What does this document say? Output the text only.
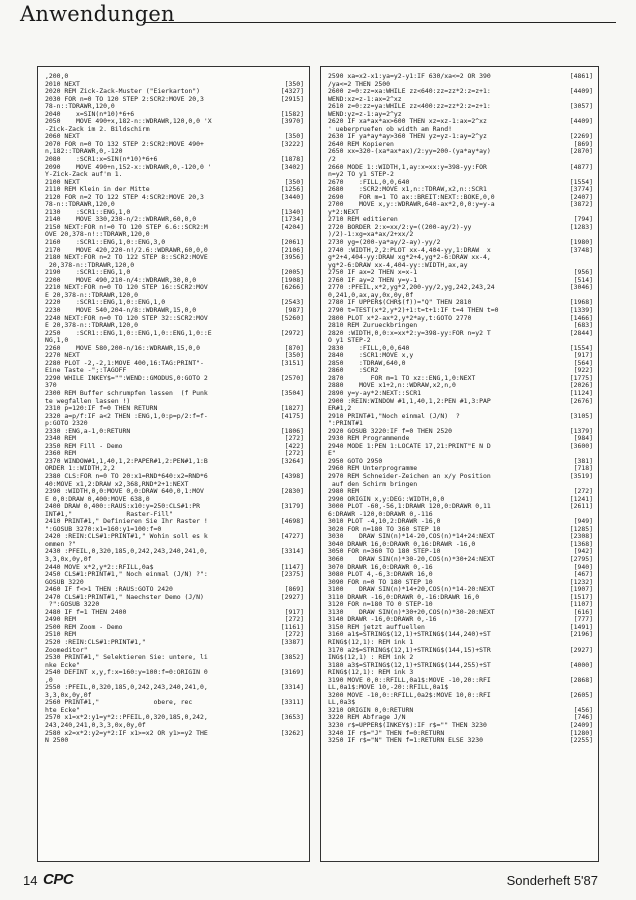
Anwendungen
,200,0
2010 NEXT	[350]
2020 REM Zick-Zack-Muster ("Eierkarton")	[4327]
2030 FOR n=0 TO 120 STEP 2:SCR2:MOVE 20,3	[2915]
78-n::TDRAWR,120,0
2040    x=SIN(n*10)*6+6	[1582]
2050    MOVE 490+x,182-n::WDRAWR,120,0,0 'X	[3970]
-Zick-Zack im 2. Bildschirm
2060 NEXT	[350]
2070 FOR n=0 TO 132 STEP 2:SCR2:MOVE 490+	[3222]
n,182::TDRAWR,0,-120
2080    :SCR1:x=SIN(n*10)*6+6	[1878]
2090    MOVE 490+n,152-x::WDRAWR,0,-120,0 '	[3402]
Y-Zick-Zack auf'm 1.
2100 NEXT	[350]
2110 REM Klein in der Mitte	[1256]
2120 FOR n=2 TO 122 STEP 4:SCR2:MOVE 20,3	[3440]
78-n::TDRAWR,120,0
2130    :SCR1::ENG,1,0	[1340]
2140    MOVE 330,230-n/2::WDRAWR,60,0,0	[1734]
2150 NEXT:FOR n!=0 TO 120 STEP 6.6::SCR2:M	[4204]
OVE 20,378-n!::TDRAWR,120,0
2160    :SCR1::ENG,1,0::ENG,3,0	[2061]
2170    MOVE 420,220-n!/2.6::WDRAWR,60,0,0	[2106]
2180 NEXT:FOR n=2 TO 122 STEP 8::SCR2:MOVE	[3956]
20,378-n::TDRAWR,120,0
2190    :SCR1::ENG,1,0	[2005]
2200    MOVE 490,210-n/4::WDRAWR,30,0,0	[1908]
2210 NEXT:FOR n=0 TO 120 STEP 16::SCR2:MOV	[6266]
E 20,378-n::TDRAWR,120,0
2220    :SCR1::ENG,1,0::ENG,1,0	[2543]
2230    MOVE 540,204-n/8::WDRAWR,15,0,0	[987]
2240 NEXT:FOR n=0 TO 120 STEP 32::SCR2:MOV	[5260]
E 20,378-n::TDRAWR,120,0
2250    :SCR1::ENG,1,0::ENG,1,0::ENG,1,0::E	[2972]
NG,1,0
2260    MOVE 580,200-n/16::WDRAWR,15,0,0	[870]
2270 NEXT	[350]
2280 PLOT -2,-2,1:MOVE 400,16:TAG:PRINT"-	[3151]
Eine Taste -";:TAGOFF
2290 WHILE INKEY$="":WEND::GMODUS,0:GOTO 2	[2570]
370
2300 REM Buffer schrumpfen lassen  (f Punk	[3504]
te wegfallen lassen !)
2310 p=120:IF f=0 THEN RETURN	[1827]
2320 a=p/f:IF a<2 THEN :ENG,1,0:p=p/2:f=f-	[4175]
p:GOTO 2320
2330 :ENG,a-1,0:RETURN	[1806]
2340 REM	[272]
2350 REM Fill - Demo	[422]
2360 REM	[272]
2370 WINDOW#1,1,40,1,2:PAPER#1,2:PEN#1,1:B	[3264]
ORDER 1::WIDTH,2,2
2380 CLS:FOR n=0 TO 20:x1=RND*640:x2=RND*6	[4398]
40:MOVE x1,2:DRAW x2,368,RND*2+1:NEXT
2390 :WIDTH,0,0:MOVE 0,0:DRAW 640,0,1:MOV	[2830]
E 0,0:DRAW 0,400:MOVE 638,0
2400 DRAW 0,400::RAUS:x10:y=250:CLS#1:PR	[3179]
INT#1,"              Raster-Fill"
2410 PRINT#1," Definieren Sie Ihr Raster !	[4698]
":GOSUB 3270:x1=160:y1=100:f=0
2420 :REIN:CLS#1:PRINT#1," Wohin soll es k	[4727]
ommen ?"
2430 :PFEIL,0,320,185,0,242,243,240,241,0,	[3314]
3,3,0x,0y,0f
2440 MOVE x*2,y*2::RFILL,0a$	[1147]
2450 CLS#1:PRINT#1," Noch einmal (J/N) ?":	[2375]
GOSUB 3220
2460 IF f<>1 THEN :RAUS:GOTO 2420	[869]
2470 CLS#1:PRINT#1," Naechster Demo (J/N)	[2927]
?":GOSUB 3220
2480 IF f=1 THEN 2400	[917]
2490 REM	[272]
2500 REM Zoom - Demo	[1161]
2510 REM	[272]
2520 :REIN:CLS#1:PRINT#1,"	[3387]
Zoomeditor"
2530 PRINT#1," Selektieren Sie: untere, li	[3852]
nke Ecke"
2540 DEFINT x,y,f:x=160:y=100:f=0:ORIGIN 0	[3169]
,0
2550 :PFEIL,0,320,185,0,242,243,240,241,0,	[3314]
3,3,0x,0y,0f
2560 PRINT#1,"              obere, rec	[3311]
hte Ecke"
2570 x1=x*2:y1=y*2::PFEIL,0,320,185,0,242,	[3653]
243,240,241,0,3,3,0x,0y,0f
2580 x2=x*2:y2=y*2:IF x1>=x2 OR y1>=y2 THE	[3262]
N 2500
2590 xa=x2-x1:ya=y2-y1:IF 630/xa<=2 OR 390	[4861]
/ya<=2 THEN 2500
2600 z=0:zz=xa:WHILE zz<640:zz=zz*2:z=z+1:	[4409]
WEND:xz=z-1:ax=2^xz
2610 z=0:zz=ya:WHILE zz<400:zz=zz*2:z=z+1:	[3057]
WEND:yz=z-1:ay=2^yz
2620 IF xa*ax*ax>600 THEN xz=xz-1:ax=2^xz	[4409]
' ueberpruefen ob width am Rand!
2630 IF ya*ay*ay>360 THEN yz=yz-1:ay=2^yz	[2269]
2640 REM Kopieren	[869]
2650 xx=320-(xa*ax*ax)/2:yy=200-(ya*ay*ay)	[2870]
/2
2660 MODE 1::WIDTH,1,ay:x=xx:y=398-yy:FOR	[4877]
n=y2 TO y1 STEP-2
2670    :FILL,0,0,640	[1554]
2680    :SCR2:MOVE x1,n::TDRAW,x2,n::SCR1	[3774]
2690    FOR m=1 TO ax::BREIT:NEXT::BOKE,0,0	[2407]
2700    MOVE x,y::WDRAWR,640-ax*2,0,0:y=y-a	[3872]
y*2:NEXT
2710 REM editieren	[794]
2720 BORDER 2:x=xx/2:y=((200-ay/2)-yy	[1283]
)/2)-1:xg=xa*ax/2+xx/2
2730 yg=(200-ya*ay/2-ay)-yy/2	[1980]
2740 :WIDTH,2,2:PLOT xx-4,404-yy,1:DRAW  x	[3748]
g*2+4,404-yy:DRAW xg*2+4,yg*2-6:DRAW xx-4,
yg*2-6:DRAW xx-4,404-yy::WIDTH,ax,ay
2750 IF ax=2 THEN x=x-1	[956]
2760 IF ay=2 THEN y=y-1	[514]
2770 :PFEIL,x*2,yg*2,200-yy/2,yg,242,243,24	[3046]
0,241,0,ax,ay,0x,0y,0f
2780 IF UPPER$(CHR$(f))="Q" THEN 2810	[1968]
2790 t=TEST(x*2,y*2)+1:t=t+1:IF t=4 THEN t=0	[1339]
2800 PLOT x*2-ax*2,y*2*ay,t:GOTO 2770	[1466]
2810 REM Zurueckbringen	[683]
2820 :WIDTH,0,0:x=xx*2:y=398-yy:FOR n=y2 T	[2844]
O y1 STEP-2
2830    :FILL,0,0,640	[1554]
2840    :SCR1:MOVE x,y	[917]
2850    :TDRAW,640,0	[564]
2860    :SCR2	[922]
2870       FOR m=1 TO xz::ENG,1,0:NEXT	[1775]
2880    MOVE x1+2,n::WDRAW,x2,n,0	[2026]
2890 y=y-ay*2:NEXT::SCR1	[1124]
2900 :REIN:WINDOW #1,1,40,1,2:PEN #1,3:PAP	[2676]
ER#1,2
2910 PRINT#1,"Noch einmal (J/N)  ?	[3105]
":PRINT#1
2920 GOSUB 3220:IF f=0 THEN 2520	[1379]
2930 REM Programmende	[984]
2940 MODE 1:PEN 1:LOCATE 17,21:PRINT"E N D	[3600]
E"
2950 GOTO 2950	[381]
2960 REM Unterprogramme	[718]
2970 REM Schneider-Zeichen an x/y Position	[3519]
auf den Schirm bringen
2980 REM	[272]
2990 ORIGIN x,y:DEG::WIDTH,0,0	[1241]
3000 PLOT -60,-56,1:DRAWR 120,0:DRAWR 0,11	[2611]
6:DRAWR -120,0:DRAWR 0,-116
3010 PLOT -4,10,2:DRAWR -16,0	[949]
3020 FOR n=180 TO 360 STEP 10	[1285]
3030    DRAW SIN(n)*14-20,COS(n)*14+24:NEXT	[2308]
3040 DRAWR 16,0:DRAWR 0,16:DRAWR -16,0	[1368]
3050 FOR n=360 TO 180 STEP-10	[942]
3060    DRAW SIN(n)*30-20,COS(n)*30+24:NEXT	[2795]
3070 DRAWR 16,0:DRAWR 0,-16	[940]
3080 PLOT 4,-6,3:DRAWR 16,0	[467]
3090 FOR n=0 TO 180 STEP 10	[1232]
3100    DRAW SIN(n)*14+20,COS(n)*14-20:NEXT	[1907]
3110 DRAWR -16,0:DRAWR 0,-16:DRAWR 16,0	[1517]
3120 FOR n=180 TO 0 STEP-10	[1107]
3130    DRAW SIN(n)*30+20,COS(n)*30-20:NEXT	[616]
3140 DRAWR -16,0:DRAWR 0,-16	[777]
3150 REM jetzt auffuellen	[1491]
3160 a1$=STRING$(12,1)+STRING$(144,240)+ST	[2196]
RING$(12,1): REM ink 1
3170 a2$=STRING$(12,1)+STRING$(144,15)+STR	[2927]
ING$(12,1) : REM ink 2
3180 a3$=STRING$(12,1)+STRING$(144,255)+ST	[4000]
RING$(12,1): REM ink 3
3190 MOVE 0,0::RFILL,0a1$:MOVE -10,20::RFI	[2868]
LL,0a1$:MOVE 10,-20::RFILL,0a1$
3200 MOVE -10,0::RFILL,0a2$:MOVE 10,0::RFI	[2605]
LL,0a3$
3210 ORIGIN 0,0:RETURN	[456]
3220 REM Abfrage J/N	[746]
3230 r$=UPPER$(INKEY$):IF r$="" THEN 3230	[2409]
3240 IF r$="J" THEN f=0:RETURN	[1280]
3250 IF r$="N" THEN f=1:RETURN ELSE 3230	[2255]
14 CPC	Sonderheft 5'87
